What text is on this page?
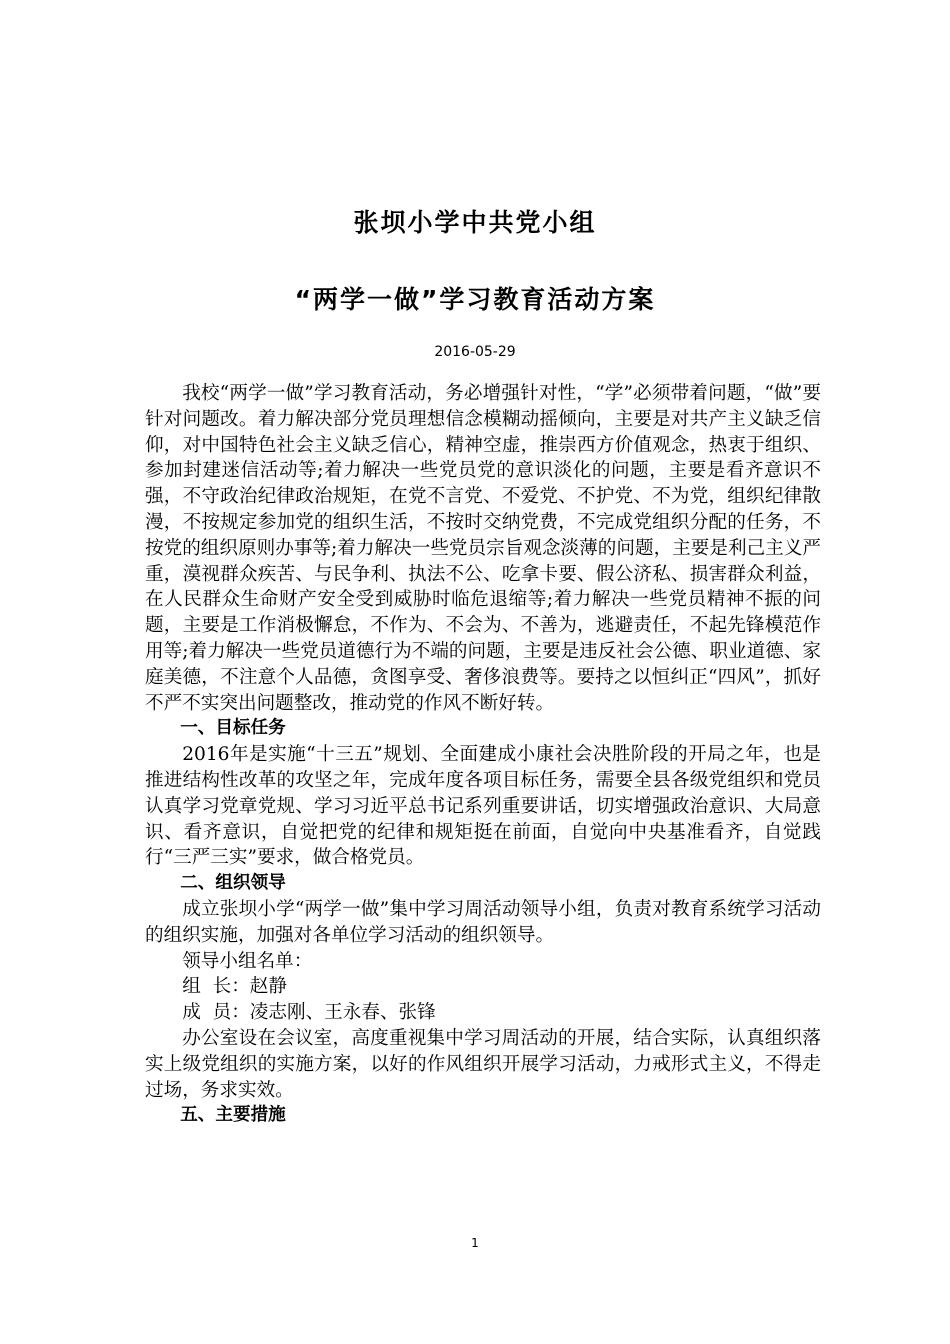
张坝小学中共党小组
“两学一做”学习教育活动方案
2016-05-29

我校“两学一做”学习教育活动，务必增强针对性，“学”必须带着问题，“做”要针对问题改。着力解决部分党员理想信念模糊动摇倾向，主要是对共产主义缺乏信仰，对中国特色社会主义缺乏信心，精神空虚，推崇西方价值观念，热衷于组织、参加封建迷信活动等;着力解决一些党员党的意识淡化的问题，主要是看齐意识不强，不守政治纪律政治规矩，在党不言党、不爱党、不护党、不为党，组织纪律散漫，不按规定参加党的组织生活，不按时交纳党费，不完成党组织分配的任务，不按党的组织原则办事等;着力解决一些党员宗旨观念淡薄的问题，主要是利己主义严重，漠视群众疾苦、与民争利、执法不公、吃拿卡要、假公济私、损害群众利益，在人民群众生命财产安全受到威胁时临危退缩等;着力解决一些党员精神不振的问题，主要是工作消极懈怠，不作为、不会为、不善为，逃避责任，不起先锋模范作用等;着力解决一些党员道德行为不端的问题，主要是违反社会公德、职业道德、家庭美德，不注意个人品德，贪图享受、奢侈浪费等。要持之以恒纠正“四风”，抓好不严不实突出问题整改，推动党的作风不断好转。

一、目标任务

2016年是实施“十三五”规划、全面建成小康社会决胜阶段的开局之年，也是推进结构性改革的攻坚之年，完成年度各项目标任务，需要全县各级党组织和党员认真学习党章党规、学习习近平总书记系列重要讲话，切实增强政治意识、大局意识、看齐意识，自觉把党的纪律和规矩挺在前面，自觉向中央基准看齐，自觉践行“三严三实”要求，做合格党员。

二、组织领导

成立张坝小学“两学一做”集中学习周活动领导小组，负责对教育系统学习活动的组织实施，加强对各单位学习活动的组织领导。

领导小组名单：

组  长：赵静

成  员：凌志刚、王永春、张锋

办公室设在会议室，高度重视集中学习周活动的开展，结合实际，认真组织落实上级党组织的实施方案，以好的作风组织开展学习活动，力戒形式主义，不得走过场，务求实效。

五、主要措施

1
